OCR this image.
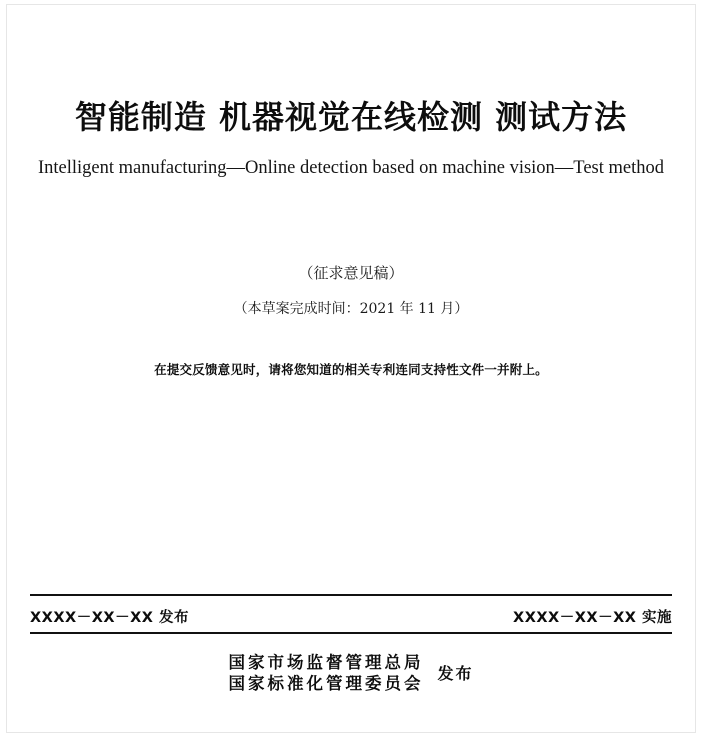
智能制造 机器视觉在线检测 测试方法
Intelligent manufacturing—Online detection based on machine vision—Test method
（征求意见稿）
（本草案完成时间：2021 年 11 月）
在提交反馈意见时，请将您知道的相关专利连同支持性文件一并附上。
XXXX－XX－XX 发布	XXXX－XX－XX 实施
国家市场监督管理总局
国家标准化管理委员会
发布
